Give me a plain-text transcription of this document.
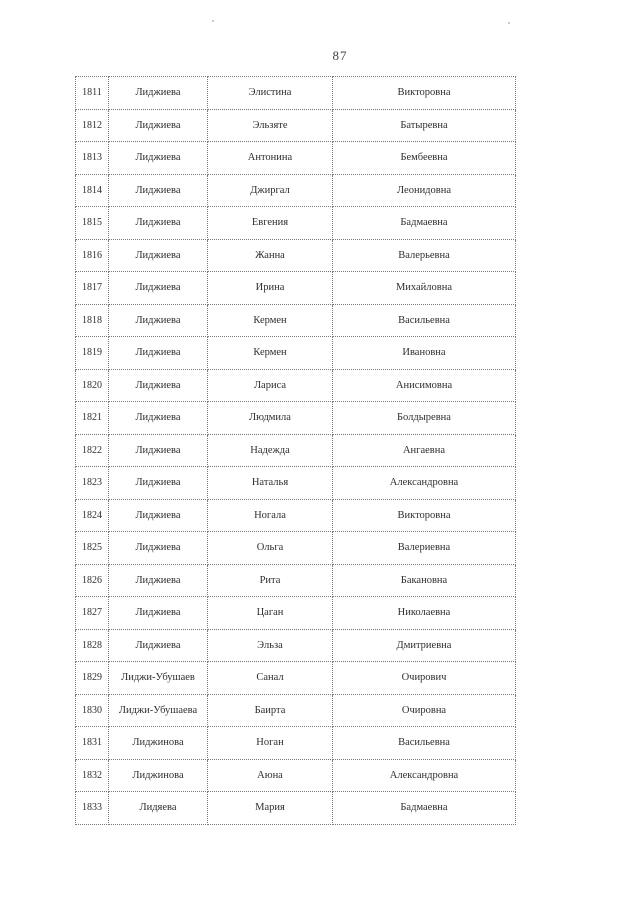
87
1811	Лиджиева	Элистина	Викторовна
1812	Лиджиева	Эльзяте	Батыревна
1813	Лиджиева	Антонина	Бембеевна
1814	Лиджиева	Джиргал	Леонидовна
1815	Лиджиева	Евгения	Бадмаевна
1816	Лиджиева	Жанна	Валерьевна
1817	Лиджиева	Ирина	Михайловна
1818	Лиджиева	Кермен	Васильевна
1819	Лиджиева	Кермен	Ивановна
1820	Лиджиева	Лариса	Анисимовна
1821	Лиджиева	Людмила	Болдыревна
1822	Лиджиева	Надежда	Ангаевна
1823	Лиджиева	Наталья	Александровна
1824	Лиджиева	Ногала	Викторовна
1825	Лиджиева	Ольга	Валериевна
1826	Лиджиева	Рита	Бакановна
1827	Лиджиева	Цаган	Николаевна
1828	Лиджиева	Эльза	Дмитриевна
1829	Лиджи-Убушаев	Санал	Очирович
1830	Лиджи-Убушаева	Баирта	Очировна
1831	Лиджинова	Ноган	Васильевна
1832	Лиджинова	Аюна	Александровна
1833	Лидяева	Мария	Бадмаевна
